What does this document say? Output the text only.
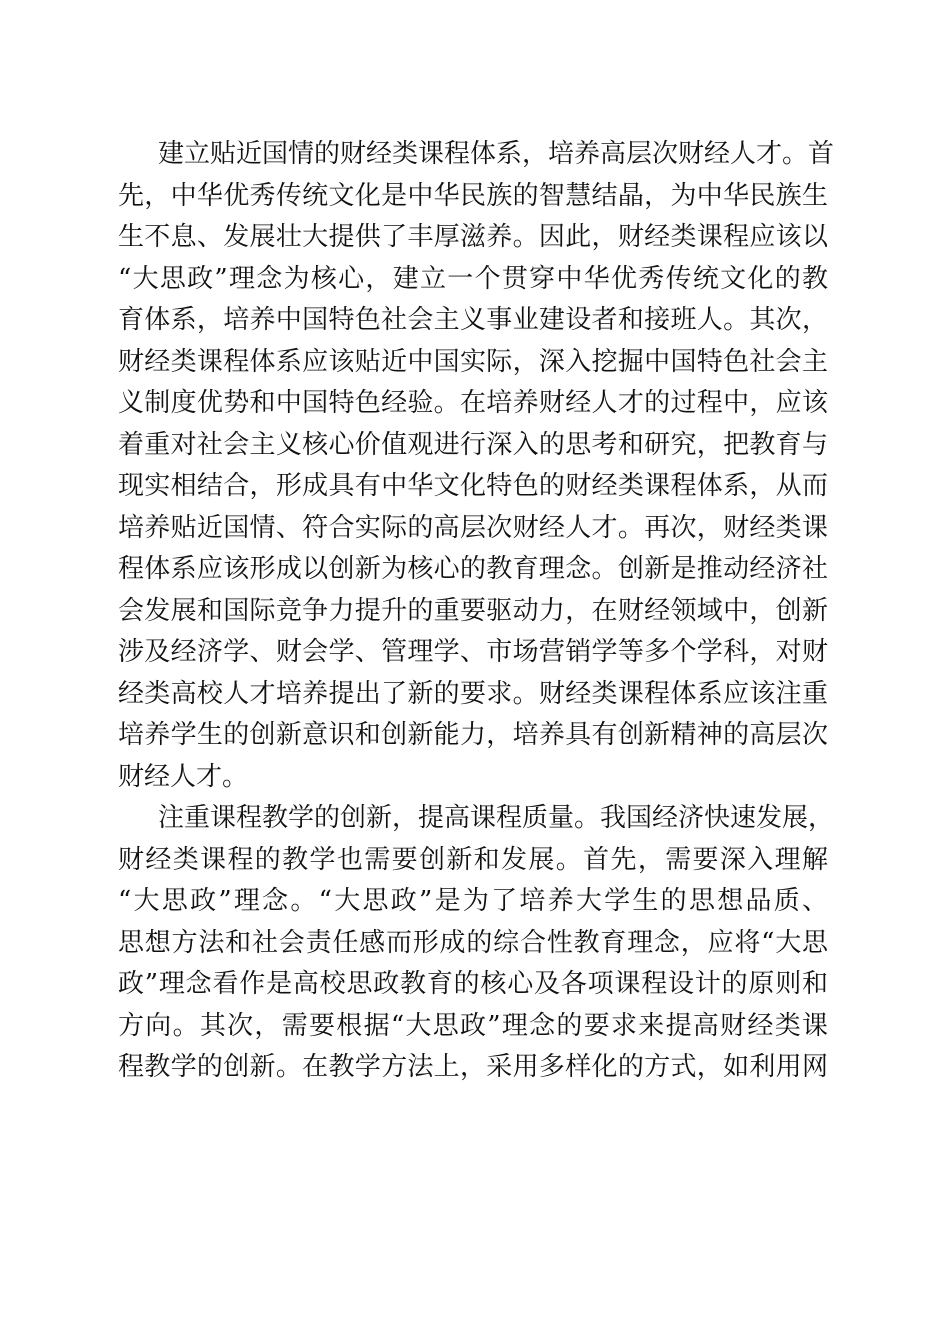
建立贴近国情的财经类课程体系，培养高层次财经人才。首
先，中华优秀传统文化是中华民族的智慧结晶，为中华民族生
生不息、发展壮大提供了丰厚滋养。因此，财经类课程应该以
“大思政”理念为核心，建立一个贯穿中华优秀传统文化的教
育体系，培养中国特色社会主义事业建设者和接班人。其次，
财经类课程体系应该贴近中国实际，深入挖掘中国特色社会主
义制度优势和中国特色经验。在培养财经人才的过程中，应该
着重对社会主义核心价值观进行深入的思考和研究，把教育与
现实相结合，形成具有中华文化特色的财经类课程体系，从而
培养贴近国情、符合实际的高层次财经人才。再次，财经类课
程体系应该形成以创新为核心的教育理念。创新是推动经济社
会发展和国际竞争力提升的重要驱动力，在财经领域中，创新
涉及经济学、财会学、管理学、市场营销学等多个学科，对财
经类高校人才培养提出了新的要求。财经类课程体系应该注重
培养学生的创新意识和创新能力，培养具有创新精神的高层次
财经人才。
注重课程教学的创新，提高课程质量。我国经济快速发展，
财经类课程的教学也需要创新和发展。首先，需要深入理解
“大思政”理念。“大思政”是为了培养大学生的思想品质、
思想方法和社会责任感而形成的综合性教育理念，应将“大思
政”理念看作是高校思政教育的核心及各项课程设计的原则和
方向。其次，需要根据“大思政”理念的要求来提高财经类课
程教学的创新。在教学方法上，采用多样化的方式，如利用网
